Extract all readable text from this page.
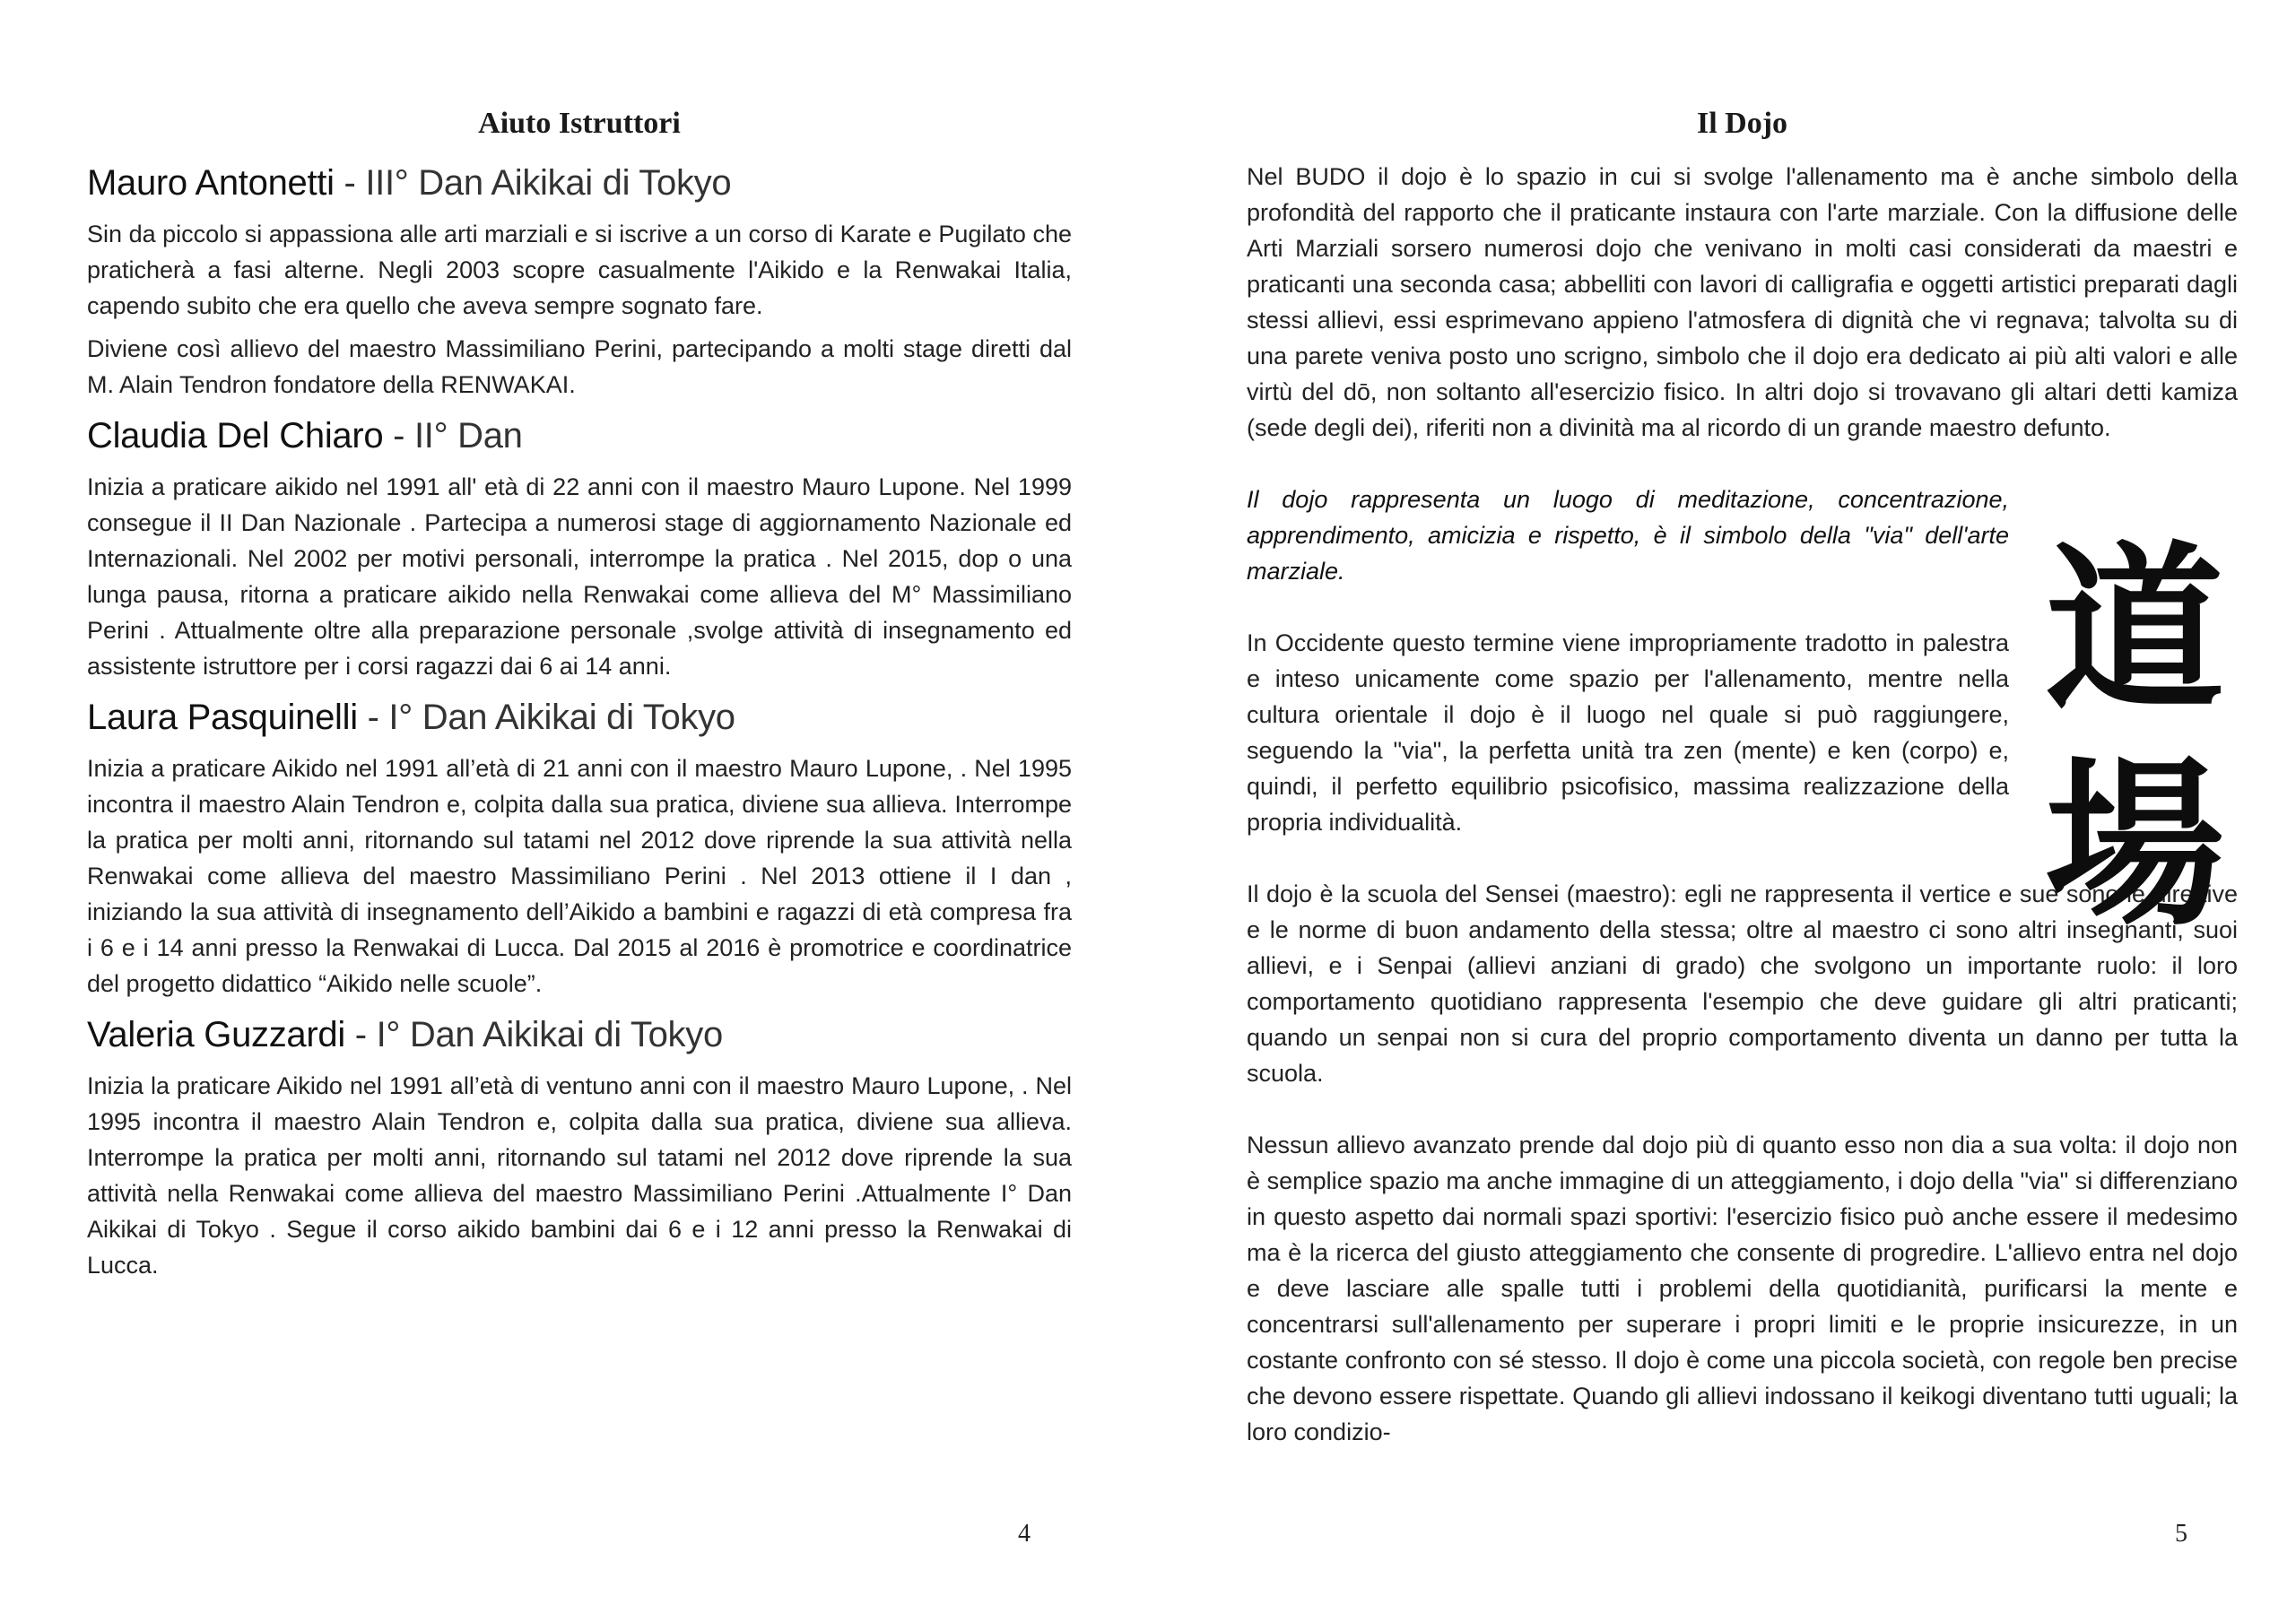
Aiuto Istruttori
Mauro Antonetti - III° Dan Aikikai di Tokyo

Sin da piccolo si appassiona alle arti marziali e si iscrive a un corso di Karate e Pugilato che praticherà a fasi alterne. Negli 2003 scopre casualmente l'Aikido e la Renwakai Italia, capendo subito che era quello che aveva sempre sognato fare.

Diviene così allievo del maestro Massimiliano Perini, partecipando a molti stage diretti dal M. Alain Tendron fondatore della RENWAKAI.

Claudia Del Chiaro - II° Dan

Inizia a praticare aikido nel 1991 all' età di 22 anni con il maestro Mauro Lupone. Nel 1999 consegue il II Dan Nazionale . Partecipa a numerosi stage di aggiornamento Nazionale ed Internazionali. Nel 2002 per motivi personali, interrompe la pratica . Nel 2015, dop o una lunga pausa, ritorna a praticare aikido nella Renwakai come allieva del M° Massimiliano Perini . Attualmente oltre alla preparazione personale ,svolge attività di insegnamento ed assistente istruttore per i corsi ragazzi dai 6 ai 14 anni.

Laura Pasquinelli - I° Dan Aikikai di Tokyo

Inizia a praticare Aikido nel 1991 all’età di 21 anni con il maestro Mauro Lupone, . Nel 1995 incontra il maestro Alain Tendron e, colpita dalla sua pratica, diviene sua allieva. Interrompe la pratica per molti anni, ritornando sul tatami nel 2012 dove riprende la sua attività nella Renwakai come allieva del maestro Massimiliano Perini . Nel 2013 ottiene il I dan , iniziando la sua attività di insegnamento dell’Aikido a bambini e ragazzi di età compresa fra i 6 e i 14 anni presso la Renwakai di Lucca. Dal 2015 al 2016 è promotrice e coordinatrice del progetto didattico “Aikido nelle scuole”.

Valeria Guzzardi - I° Dan Aikikai di Tokyo

Inizia la praticare Aikido nel 1991 all’età di ventuno anni con il maestro Mauro Lupone, . Nel 1995 incontra il maestro Alain Tendron e, colpita dalla sua pratica, diviene sua allieva. Interrompe la pratica per molti anni, ritornando sul tatami nel 2012 dove riprende la sua attività nella Renwakai come allieva del maestro Massimiliano Perini .Attualmente I° Dan Aikikai di Tokyo . Segue il corso aikido bambini dai 6 e i 12 anni presso la Renwakai di Lucca.

4
Il Dojo

Nel BUDO il dojo è lo spazio in cui si svolge l'allenamento ma è anche simbolo della profondità del rapporto che il praticante instaura con l'arte marziale. Con la diffusione delle Arti Marziali sorsero numerosi dojo che venivano in molti casi considerati da maestri e praticanti una seconda casa; abbelliti con lavori di calligrafia e oggetti artistici preparati dagli stessi allievi, essi esprimevano appieno l'atmosfera di dignità che vi regnava; talvolta su di una parete veniva posto uno scrigno, simbolo che il dojo era dedicato ai più alti valori e alle virtù del dō, non soltanto all'esercizio fisico. In altri dojo si trovavano gli altari detti kamiza (sede degli dei), riferiti non a divinità ma al ricordo di un grande maestro defunto.

Il dojo rappresenta un luogo di meditazione, concentrazione, apprendimento, amicizia e rispetto, è il simbolo della "via" dell'arte marziale.

In Occidente questo termine viene impropriamente tradotto in palestra e inteso unicamente come spazio per l'allenamento, mentre nella cultura orientale il dojo è il luogo nel quale si può raggiungere, seguendo la "via", la perfetta unità tra zen (mente) e ken (corpo) e, quindi, il perfetto equilibrio psicofisico, massima realizzazione della propria individualità.

Il dojo è la scuola del Sensei (maestro): egli ne rappresenta il vertice e sue sono le direttive e le norme di buon andamento della stessa; oltre al maestro ci sono altri insegnanti, suoi allievi, e i Senpai (allievi anziani di grado) che svolgono un importante ruolo: il loro comportamento quotidiano rappresenta l'esempio che deve guidare gli altri praticanti; quando un senpai non si cura del proprio comportamento diventa un danno per tutta la scuola.

Nessun allievo avanzato prende dal dojo più di quanto esso non dia a sua volta: il dojo non è semplice spazio ma anche immagine di un atteggiamento, i dojo della "via" si differenziano in questo aspetto dai normali spazi sportivi: l'esercizio fisico può anche essere il medesimo ma è la ricerca del giusto atteggiamento che consente di progredire. L'allievo entra nel dojo e deve lasciare alle spalle tutti i problemi della quotidianità, purificarsi la mente e concentrarsi sull'allenamento per superare i propri limiti e le proprie insicurezze, in un costante confronto con sé stesso. Il dojo è come una piccola società, con regole ben precise che devono essere rispettate. Quando gli allievi indossano il keikogi diventano tutti uguali; la loro condizio-

道
場
5
